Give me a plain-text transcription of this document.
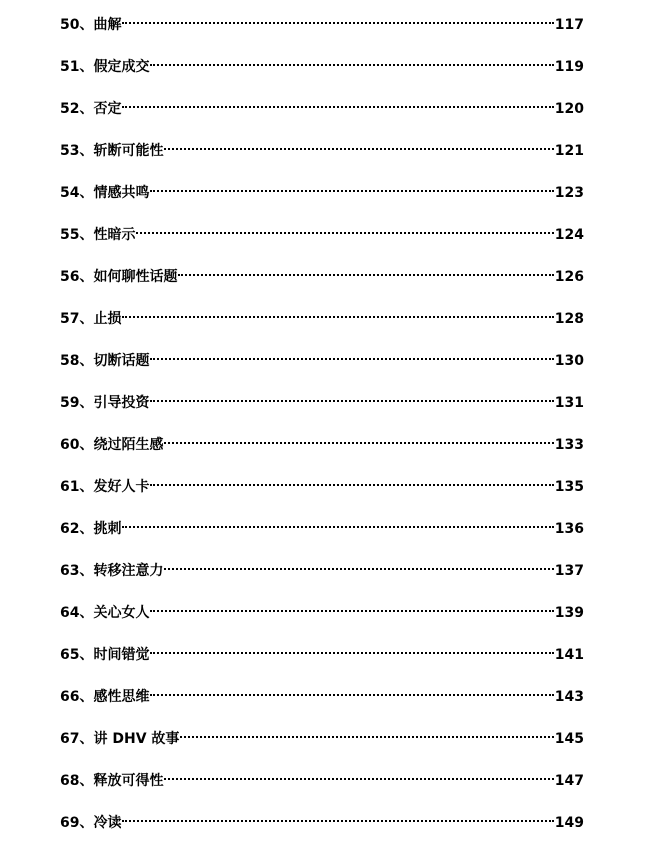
50 、 曲解	117
51 、 假定成交	119
52 、 否定	120
53 、 斩断可能性	121
54 、 情感共鸣	123
55 、 性暗示	124
56 、 如何聊性话题	126
57 、 止损	128
58 、 切断话题	130
59 、 引导投资	131
60 、 绕过陌生感	133
61 、 发好人卡	135
62 、 挑刺	136
63 、 转移注意力	137
64 、 关心女人	139
65 、 时间错觉	141
66 、 感性思维	143
67 、 讲 DHV 故事	145
68 、 释放可得性	147
69 、 冷读	149
